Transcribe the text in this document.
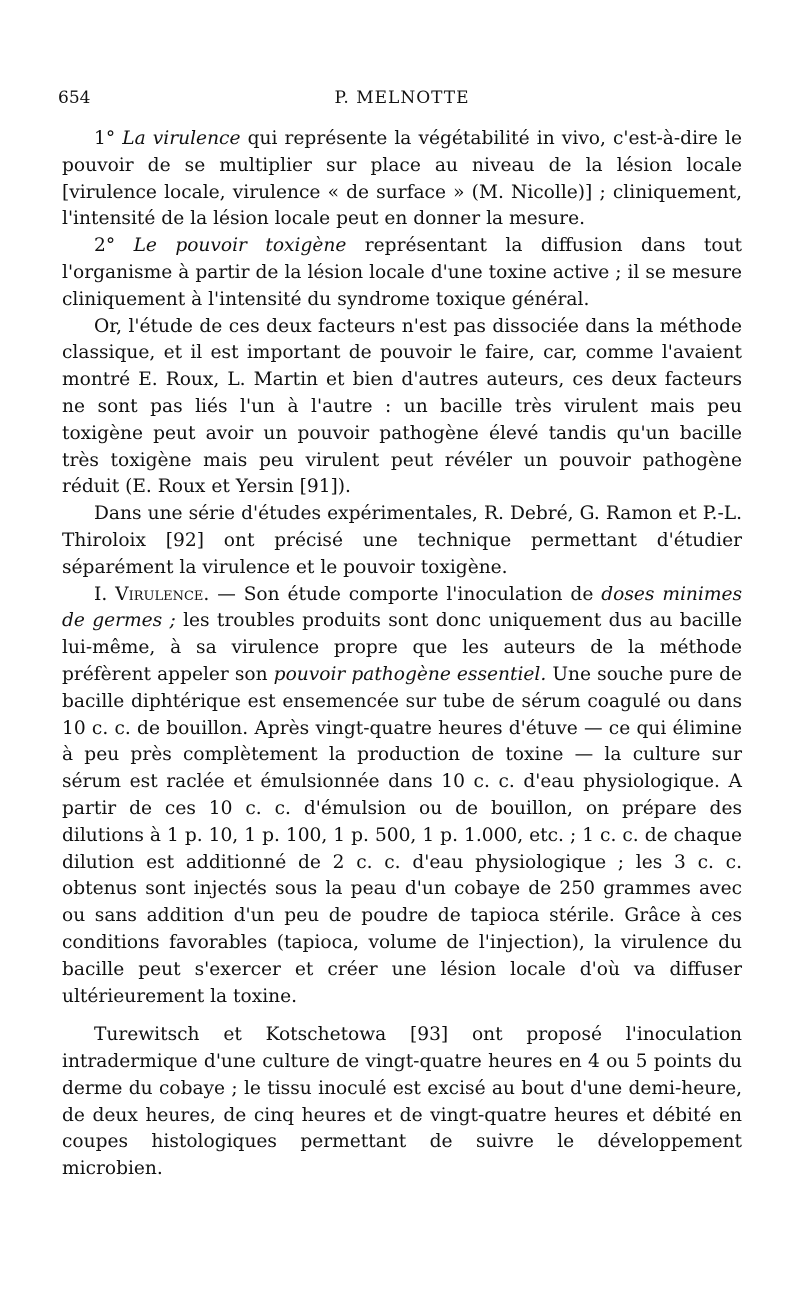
654	P. MELNOTTE

1° La virulence qui représente la végétabilité in vivo, c'est-à-dire le pouvoir de se multiplier sur place au niveau de la lésion locale [virulence locale, virulence « de surface » (M. Nicolle)] ; cliniquement, l'intensité de la lésion locale peut en donner la mesure.

2° Le pouvoir toxigène représentant la diffusion dans tout l'organisme à partir de la lésion locale d'une toxine active ; il se mesure cliniquement à l'intensité du syndrome toxique général.

Or, l'étude de ces deux facteurs n'est pas dissociée dans la méthode classique, et il est important de pouvoir le faire, car, comme l'avaient montré E. Roux, L. Martin et bien d'autres auteurs, ces deux facteurs ne sont pas liés l'un à l'autre : un bacille très virulent mais peu toxigène peut avoir un pouvoir pathogène élevé tandis qu'un bacille très toxigène mais peu virulent peut révéler un pouvoir pathogène réduit (E. Roux et Yersin [91]).

Dans une série d'études expérimentales, R. Debré, G. Ramon et P.-L. Thiroloix [92] ont précisé une technique permettant d'étudier séparément la virulence et le pouvoir toxigène.

I. Virulence. — Son étude comporte l'inoculation de doses minimes de germes ; les troubles produits sont donc uniquement dus au bacille lui-même, à sa virulence propre que les auteurs de la méthode préfèrent appeler son pouvoir pathogène essentiel. Une souche pure de bacille diphtérique est ensemencée sur tube de sérum coagulé ou dans 10 c. c. de bouillon. Après vingt-quatre heures d'étuve — ce qui élimine à peu près complètement la production de toxine — la culture sur sérum est raclée et émulsionnée dans 10 c. c. d'eau physiologique. A partir de ces 10 c. c. d'émulsion ou de bouillon, on prépare des dilutions à 1 p. 10, 1 p. 100, 1 p. 500, 1 p. 1.000, etc. ; 1 c. c. de chaque dilution est additionné de 2 c. c. d'eau physiologique ; les 3 c. c. obtenus sont injectés sous la peau d'un cobaye de 250 grammes avec ou sans addition d'un peu de poudre de tapioca stérile. Grâce à ces conditions favorables (tapioca, volume de l'injection), la virulence du bacille peut s'exercer et créer une lésion locale d'où va diffuser ultérieurement la toxine.

Turewitsch et Kotschetowa [93] ont proposé l'inoculation intradermique d'une culture de vingt-quatre heures en 4 ou 5 points du derme du cobaye ; le tissu inoculé est excisé au bout d'une demi-heure, de deux heures, de cinq heures et de vingt-quatre heures et débité en coupes histologiques permettant de suivre le développement microbien.
